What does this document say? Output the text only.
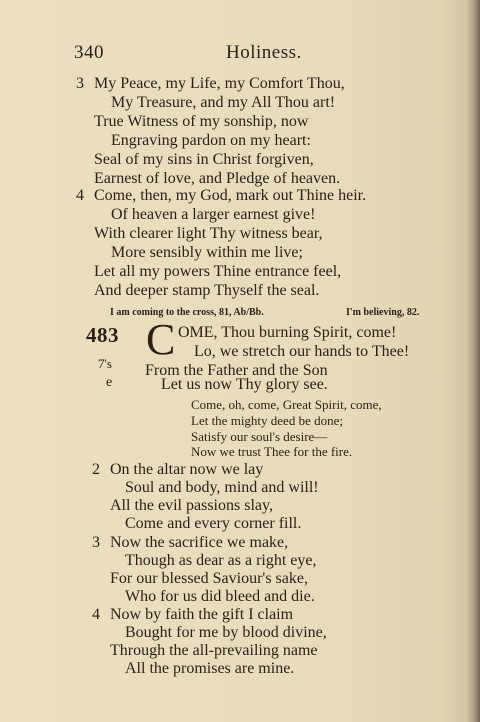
340	Holiness.
3 My Peace, my Life, my Comfort Thou,
My Treasure, and my All Thou art!
True Witness of my sonship, now
Engraving pardon on my heart:
Seal of my sins in Christ forgiven,
Earnest of love, and Pledge of heaven.
4 Come, then, my God, mark out Thine heir.
Of heaven a larger earnest give!
With clearer light Thy witness bear,
More sensibly within me live;
Let all my powers Thine entrance feel,
And deeper stamp Thyself the seal.
I am coming to the cross, 81, Ab/Bb.	I'm believing, 82.
483
7's
e
C OME, Thou burning Spirit, come!
Lo, we stretch our hands to Thee!
From the Father and the Son
Let us now Thy glory see.
Come, oh, come, Great Spirit, come,
Let the mighty deed be done;
Satisfy our soul's desire—
Now we trust Thee for the fire.
2 On the altar now we lay
Soul and body, mind and will!
All the evil passions slay,
Come and every corner fill.
3 Now the sacrifice we make,
Though as dear as a right eye,
For our blessed Saviour's sake,
Who for us did bleed and die.
4 Now by faith the gift I claim
Bought for me by blood divine,
Through the all-prevailing name
All the promises are mine.
